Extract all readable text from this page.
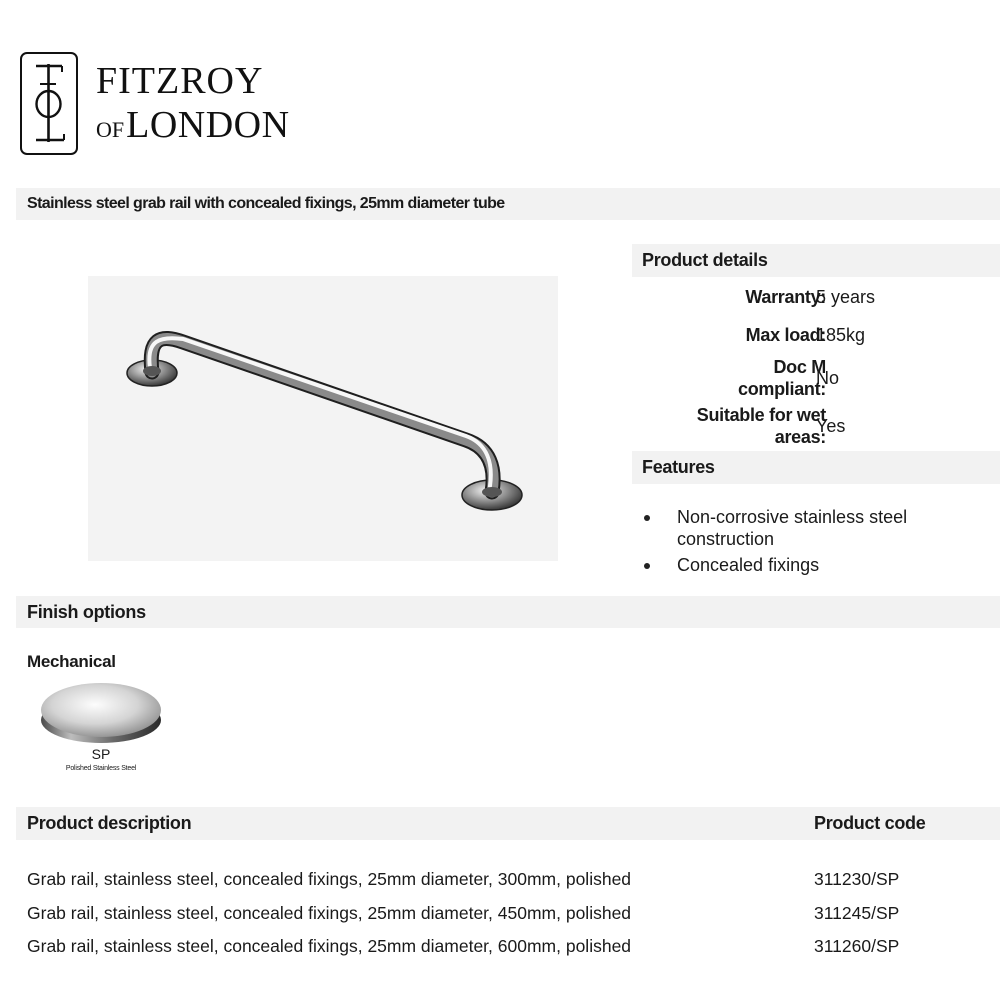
FITZROY
OFLONDON
Stainless steel grab rail with concealed fixings, 25mm diameter tube
Product details
Warranty:
5 years
Max load:
185kg
Doc M
compliant:
No
Suitable for wet
areas:
Yes
Features
Non-corrosive stainless steel
construction
Concealed fixings
Finish options
Mechanical
SP
Polished Stainless Steel
Product description	Product code
Grab rail, stainless steel, concealed fixings, 25mm diameter, 300mm, polished	311230/SP
Grab rail, stainless steel, concealed fixings, 25mm diameter, 450mm, polished	311245/SP
Grab rail, stainless steel, concealed fixings, 25mm diameter, 600mm, polished	311260/SP
